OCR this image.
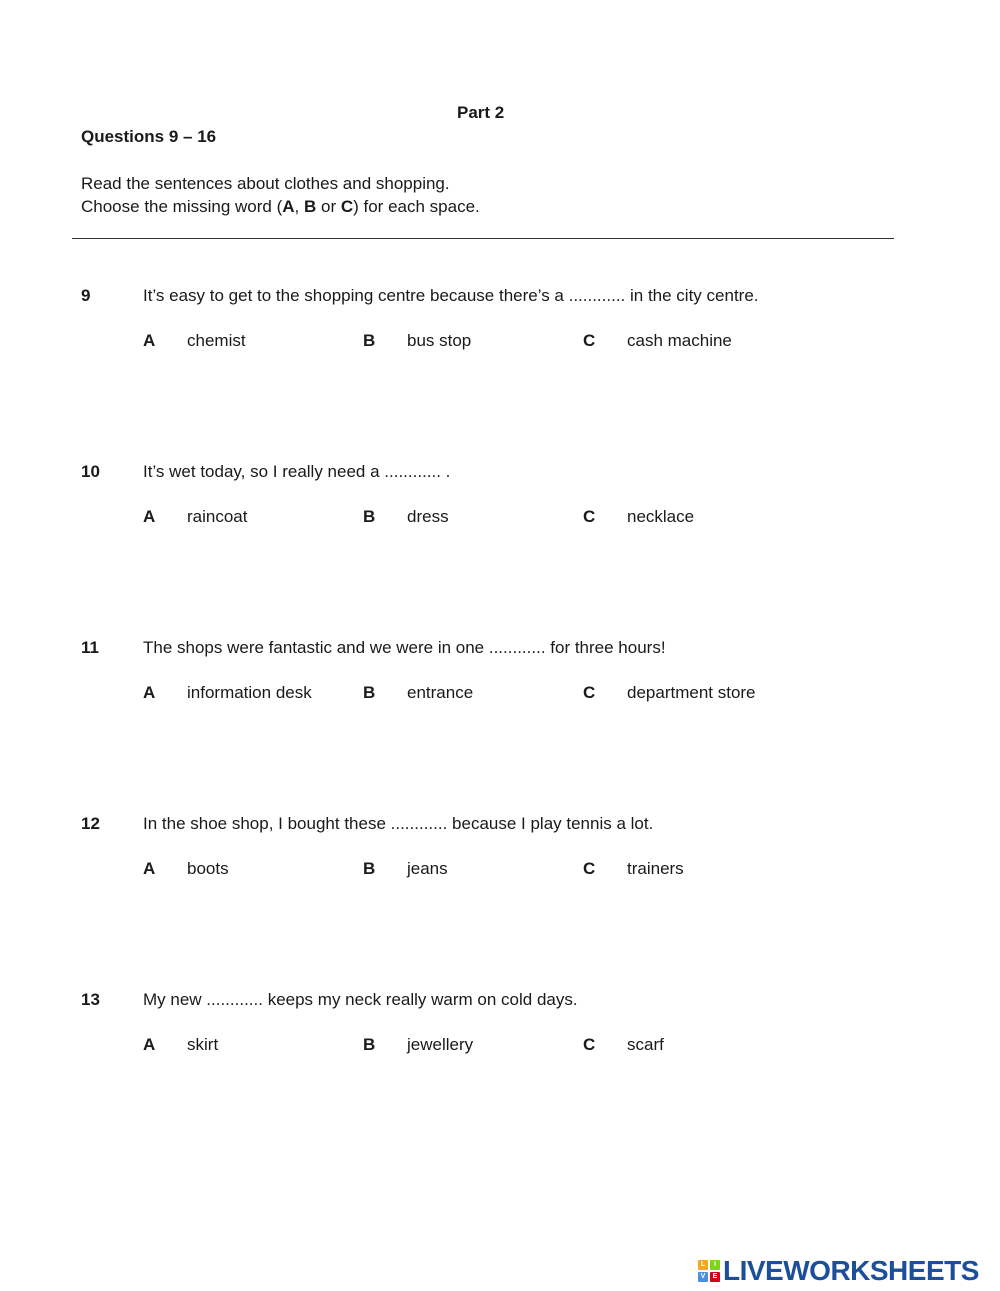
Part 2
Questions 9 – 16
Read the sentences about clothes and shopping.
Choose the missing word (A, B or C) for each space.
9	It’s easy to get to the shopping centre because there’s a ............ in the city centre.
A chemist	B bus stop	C cash machine
10	It’s wet today, so I really need a ............ .
A raincoat	B dress	C necklace
11	The shops were fantastic and we were in one ............ for three hours!
A information desk	B entrance	C department store
12	In the shoe shop, I bought these ............ because I play tennis a lot.
A boots	B jeans	C trainers
13	My new ............ keeps my neck really warm on cold days.
A skirt	B jewellery	C scarf
L	I
V	E LIVEWORKSHEETS
